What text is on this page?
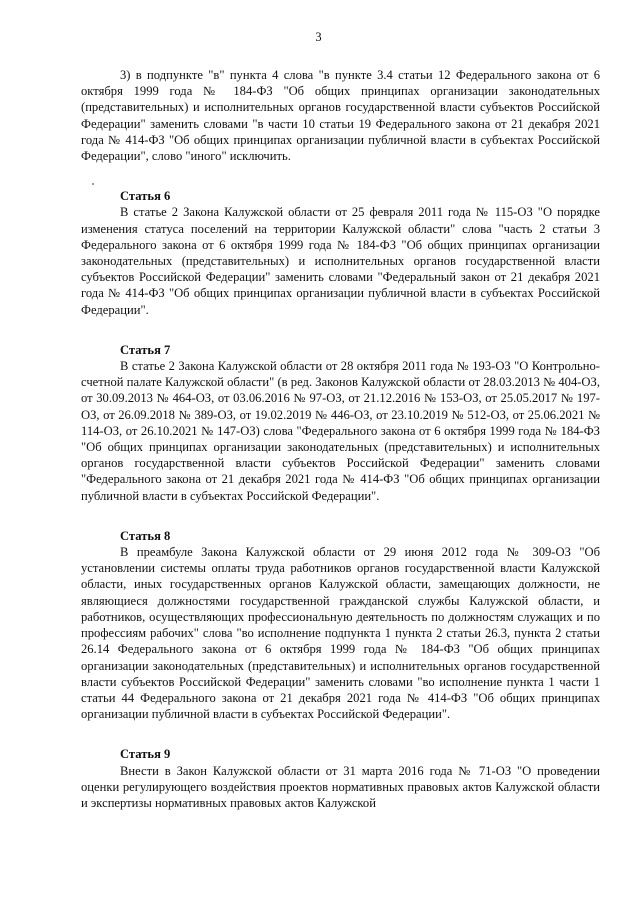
3

3) в подпункте "в" пункта 4 слова "в пункте 3.4 статьи 12 Федерального закона от 6 октября 1999 года № 184-ФЗ "Об общих принципах организации законодательных (представительных) и исполнительных органов государственной власти субъектов Российской Федерации" заменить словами "в части 10 статьи 19 Федерального закона от 21 декабря 2021 года № 414-ФЗ "Об общих принципах организации публичной власти в субъектах Российской Федерации", слово "иного" исключить.

Статья 6

В статье 2 Закона Калужской области от 25 февраля 2011 года № 115-ОЗ "О порядке изменения статуса поселений на территории Калужской области" слова "часть 2 статьи 3 Федерального закона от 6 октября 1999 года № 184-ФЗ "Об общих принципах организации законодательных (представительных) и исполнительных органов государственной власти субъектов Российской Федерации" заменить словами "Федеральный закон от 21 декабря 2021 года № 414-ФЗ "Об общих принципах организации публичной власти в субъектах Российской Федерации".

Статья 7

В статье 2 Закона Калужской области от 28 октября 2011 года № 193-ОЗ "О Контрольно-счетной палате Калужской области" (в ред. Законов Калужской области от 28.03.2013 № 404-ОЗ, от 30.09.2013 № 464-ОЗ, от 03.06.2016 № 97-ОЗ, от 21.12.2016 № 153-ОЗ, от 25.05.2017 № 197-ОЗ, от 26.09.2018 № 389-ОЗ, от 19.02.2019 № 446-ОЗ, от 23.10.2019 № 512-ОЗ, от 25.06.2021 № 114-ОЗ, от 26.10.2021 № 147-ОЗ) слова "Федерального закона от 6 октября 1999 года № 184-ФЗ "Об общих принципах организации законодательных (представительных) и исполнительных органов государственной власти субъектов Российской Федерации" заменить словами "Федерального закона от 21 декабря 2021 года № 414-ФЗ "Об общих принципах организации публичной власти в субъектах Российской Федерации".

Статья 8

В преамбуле Закона Калужской области от 29 июня 2012 года № 309-ОЗ "Об установлении системы оплаты труда работников органов государственной власти Калужской области, иных государственных органов Калужской области, замещающих должности, не являющиеся должностями государственной гражданской службы Калужской области, и работников, осуществляющих профессиональную деятельность по должностям служащих и по профессиям рабочих" слова "во исполнение подпункта 1 пункта 2 статьи 26.3, пункта 2 статьи 26.14 Федерального закона от 6 октября 1999 года № 184-ФЗ "Об общих принципах организации законодательных (представительных) и исполнительных органов государственной власти субъектов Российской Федерации" заменить словами "во исполнение пункта 1 части 1 статьи 44 Федерального закона от 21 декабря 2021 года № 414-ФЗ "Об общих принципах организации публичной власти в субъектах Российской Федерации".

Статья 9

Внести в Закон Калужской области от 31 марта 2016 года № 71-ОЗ "О проведении оценки регулирующего воздействия проектов нормативных правовых актов Калужской области и экспертизы нормативных правовых актов Калужской
